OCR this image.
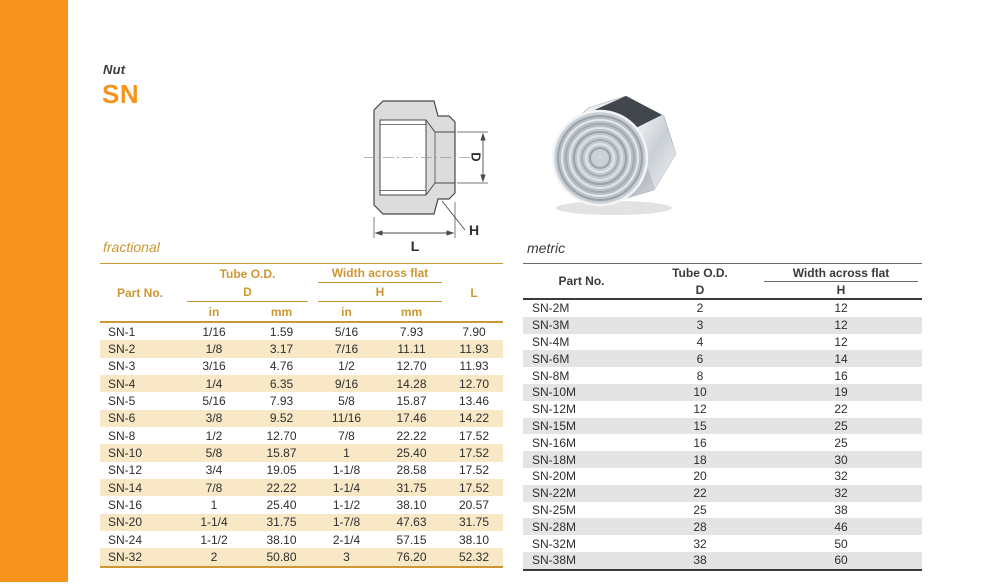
Nut
SN
D
H
L
fractional
Part No.
Tube O.D.	Width across flat
D	H	L
in	mm	in	mm
SN-1	1/16	1.59	5/16	7.93	7.90
SN-2	1/8	3.17	7/16	11.11	11.93
SN-3	3/16	4.76	1/2	12.70	11.93
SN-4	1/4	6.35	9/16	14.28	12.70
SN-5	5/16	7.93	5/8	15.87	13.46
SN-6	3/8	9.52	11/16	17.46	14.22
SN-8	1/2	12.70	7/8	22.22	17.52
SN-10	5/8	15.87	1	25.40	17.52
SN-12	3/4	19.05	1-1/8	28.58	17.52
SN-14	7/8	22.22	1-1/4	31.75	17.52
SN-16	1	25.40	1-1/2	38.10	20.57
SN-20	1-1/4	31.75	1-7/8	47.63	31.75
SN-24	1-1/2	38.10	2-1/4	57.15	38.10
SN-32	2	50.80	3	76.20	52.32
metric
Part No.
Tube O.D.	Width across flat
D	H
SN-2M	2	12
SN-3M	3	12
SN-4M	4	12
SN-6M	6	14
SN-8M	8	16
SN-10M	10	19
SN-12M	12	22
SN-15M	15	25
SN-16M	16	25
SN-18M	18	30
SN-20M	20	32
SN-22M	22	32
SN-25M	25	38
SN-28M	28	46
SN-32M	32	50
SN-38M	38	60
